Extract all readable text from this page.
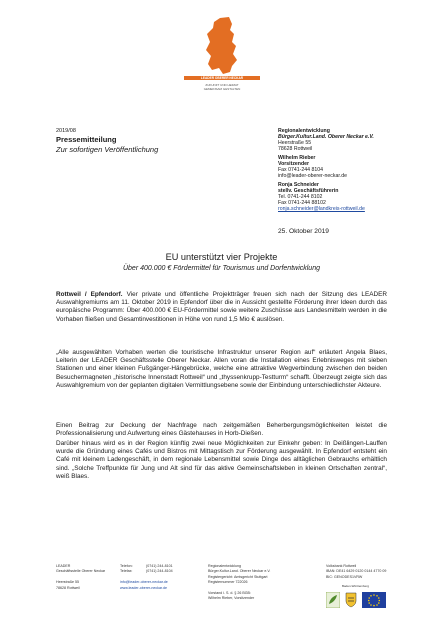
LEADER OBERER NECKAR
ZUKUNFT UND HEIMAT
GEMEINSAM GESTALTEN
2019/08
Pressemitteilung
Zur sofortigen Veröffentlichung
Regionalentwicklung
Bürger.Kultur.Land. Oberer Neckar e.V.
Heerstraße 55
78628 Rottweil
Wilhelm Rieber
Vorsitzender
Fax 0741-244 8104
info@leader-oberer-neckar.de
Ronja Schneider
stellv. Geschäftsführerin
Tel. 0741-244 8102
Fax 0741-244 88102
ronja.schneider@landkreis-rottweil.de
25. Oktober 2019
EU unterstützt vier Projekte
Über 400.000 € Fördermittel für Tourismus und Dorfentwicklung
Rottweil / Epfendorf. Vier private und öffentliche Projektträger freuen sich nach der Sitzung des LEADER Auswahlgremiums am 11. Oktober 2019 in Epfendorf über die in Aussicht gestellte Förderung ihrer Ideen durch das europäische Programm: Über 400.000 € EU-Fördermittel sowie weitere Zuschüsse aus Landesmitteln werden in die Vorhaben fließen und Gesamtinvestitionen in Höhe von rund 1,5 Mio € auslösen.
„Alle ausgewählten Vorhaben werten die touristische Infrastruktur unserer Region auf“ erläutert Angela Blaes, Leiterin der LEADER Geschäftsstelle Oberer Neckar. Allen voran die Installation eines Erlebnisweges mit sieben Stationen und einer kleinen Fußgänger-Hängebrücke, welche eine attraktive Wegverbindung zwischen den beiden Besuchermagneten „historische Innenstadt Rottweil“ und „thyssenkrupp-Testturm“ schafft. Überzeugt zeigte sich das Auswahlgremium von der geplanten digitalen Vermittlungsebene sowie der Einbindung unterschiedlichster Akteure.
Einen Beitrag zur Deckung der Nachfrage nach zeitgemäßen Beherbergungsmöglichkeiten leistet die Professionalisierung und Aufwertung eines Gästehauses in Horb-Dießen.
Darüber hinaus wird es in der Region künftig zwei neue Möglichkeiten zur Einkehr geben: In Deißlingen-Lauffen wurde die Gründung eines Cafés und Bistros mit Mittagstisch zur Förderung ausgewählt. In Epfendorf entsteht ein Café mit kleinem Ladengeschäft, in dem regionale Lebensmittel sowie Dinge des alltäglichen Gebrauchs erhältlich sind. „Solche Treffpunkte für Jung und Alt sind für das aktive Gemeinschaftsleben in kleinen Ortschaften zentral“, weiß Blaes.
LEADER
Geschäftsstelle Oberer Neckar
Heerstraße 55
78628 Rottweil
Telefon:
Telefax:
info@leader-oberer-neckar.de
www.leader-oberer-neckar.de
(0741) 244-8101
(0741) 244-8104
Regionalentwicklung
Bürger.Kultur.Land. Oberer Neckar e.V.
Registergericht: Amtsgericht Stuttgart
Registernummer 722026
Vorstand i. S. d. § 26 BGB:
Wilhelm Rieber, Vorsitzender
Volksbank Rottweil
IBAN: DE41 6429 0120 0144 4770 09
BIC: GENODES1VRW
Baden-Württemberg
